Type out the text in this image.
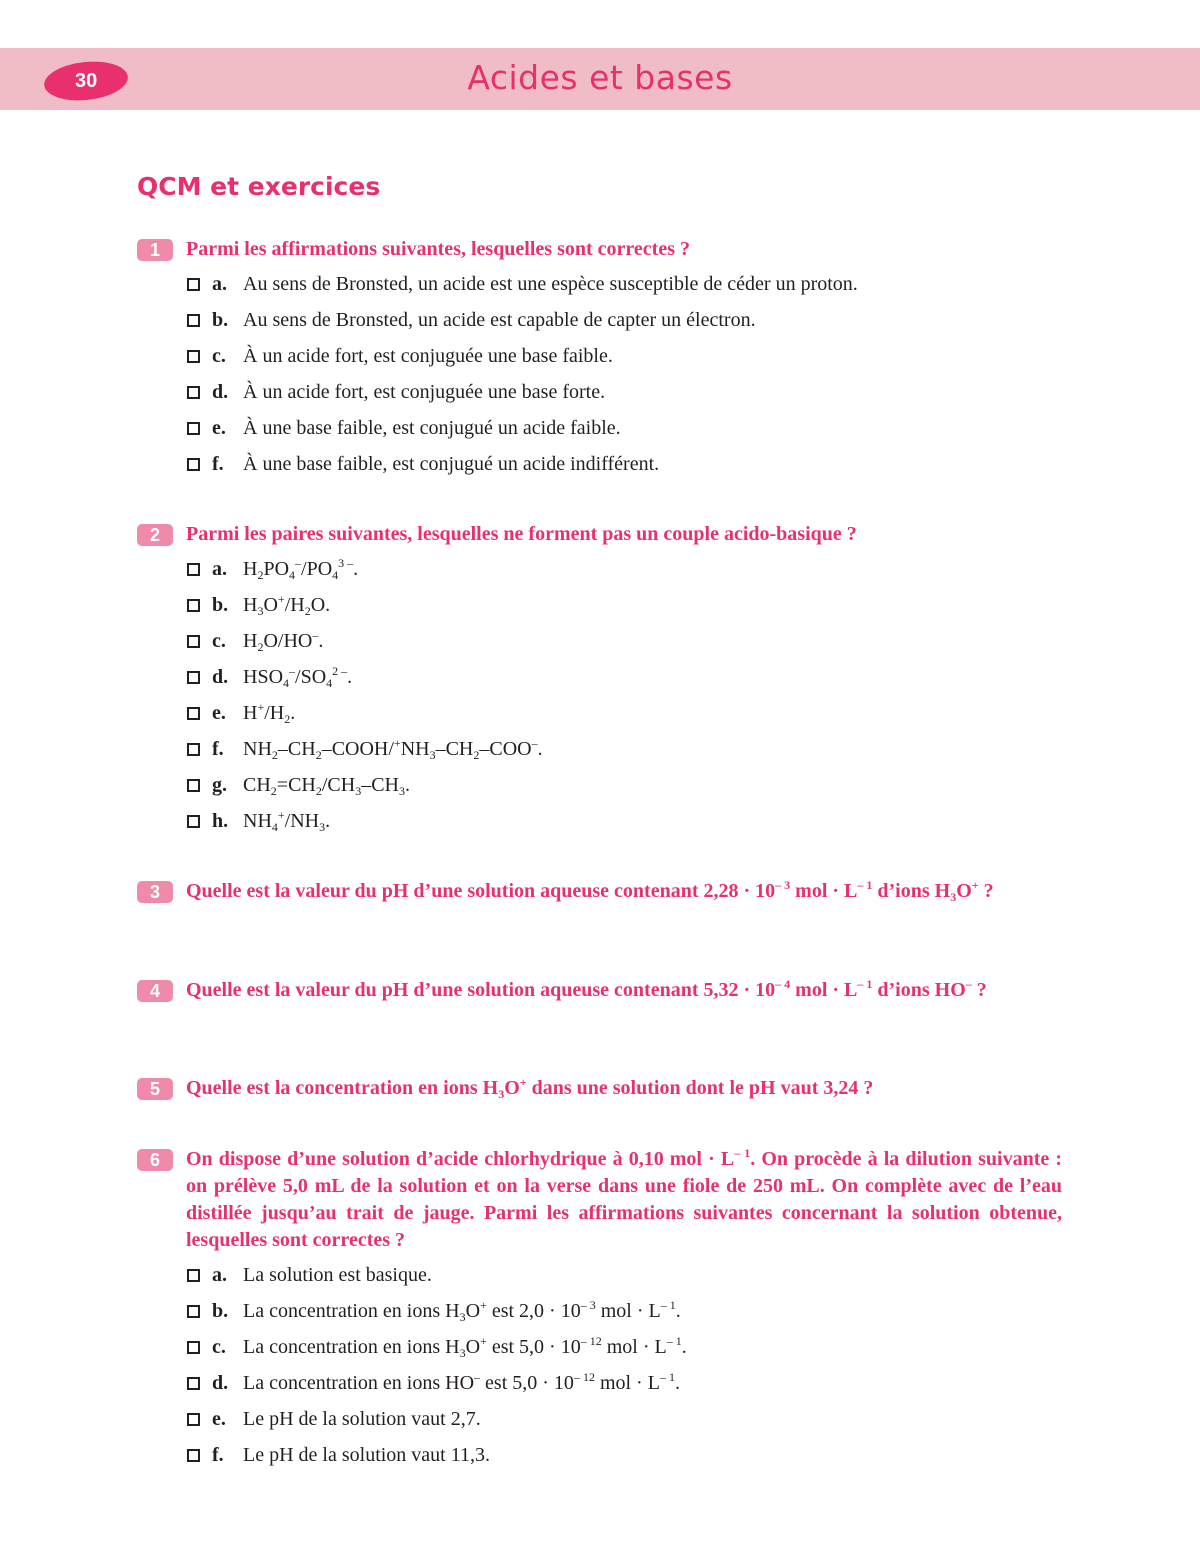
30	Acides et bases
QCM et exercices
1	Parmi les affirmations suivantes, lesquelles sont correctes ?
a. Au sens de Bronsted, un acide est une espèce susceptible de céder un proton.
b. Au sens de Bronsted, un acide est capable de capter un électron.
c. À un acide fort, est conjuguée une base faible.
d. À un acide fort, est conjuguée une base forte.
e. À une base faible, est conjugué un acide faible.
f. À une base faible, est conjugué un acide indifférent.
2	Parmi les paires suivantes, lesquelles ne forment pas un couple acido-basique ?
a. $H_2PO_4^-/PO_4^{3 -}$.
b. $H_3O^+/H_2O$.
c. $H_2O/HO^-$.
d. $HSO_4^-/SO_4^{2 -}$.
e. $H^+/H_2$.
f. $NH_2-CH_2-COOH/^+NH_3-CH_2-COO^-$.
g. $CH_2=CH_2/CH_3-CH_3$.
h. $NH_4^+/NH_3$.
3	Quelle est la valeur du pH d’une solution aqueuse contenant $2,28 \cdot 10^{- 3}$ mol · $L^{- 1}$ d’ions $H_3O^+$ ?
4	Quelle est la valeur du pH d’une solution aqueuse contenant $5,32 \cdot 10^{- 4}$ mol · $L^{- 1}$ d’ions HO– ?
5	Quelle est la concentration en ions $H_3O^+$ dans une solution dont le pH vaut 3,24 ?
6	On dispose d’une solution d’acide chlorhydrique à 0,10 mol · $L^{- 1}$. On procède à la dilution suivante : on prélève 5,0 mL de la solution et on la verse dans une fiole de 250 mL. On complète avec de l’eau distillée jusqu’au trait de jauge. Parmi les affirmations suivantes concernant la solution obtenue, lesquelles sont correctes ?
a. La solution est basique.
b. La concentration en ions $H_3O^+$ est $2,0 \cdot 10^{- 3}$ mol · $L^{- 1}$.
c. La concentration en ions $H_3O^+$ est $5,0 \cdot 10^{- 12}$ mol · $L^{- 1}$.
d. La concentration en ions HO– est $5,0 \cdot 10^{- 12}$ mol · $L^{- 1}$.
e. Le pH de la solution vaut 2,7.
f. Le pH de la solution vaut 11,3.
